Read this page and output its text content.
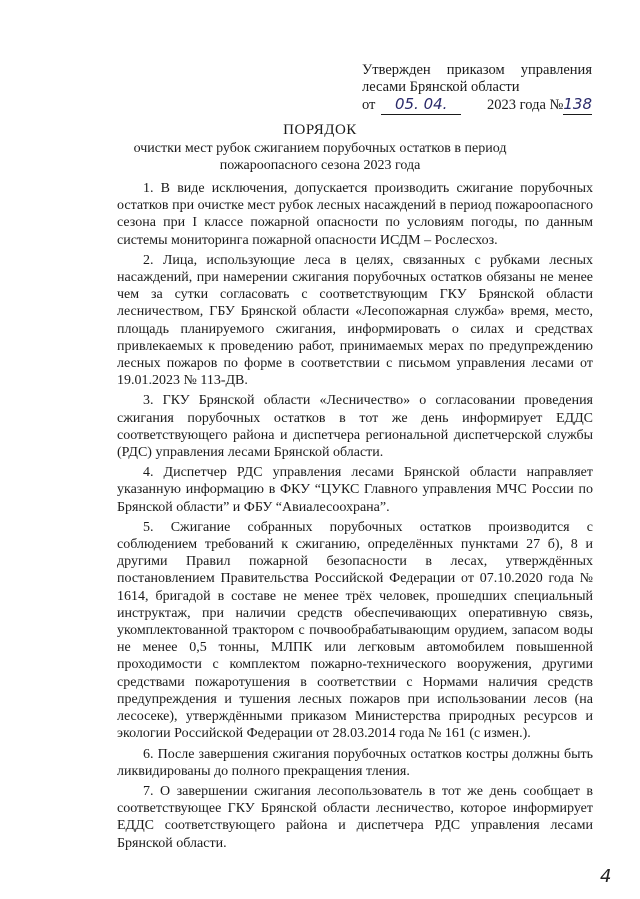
Утвержден приказом управления
лесами Брянской области
от	05. 04.	2023 года № 138
ПОРЯДОК
очистки мест рубок сжиганием порубочных остатков в период
пожароопасного сезона 2023 года

1. В виде исключения, допускается производить сжигание порубочных остатков при очистке мест рубок лесных насаждений в период пожароопасного сезона при I классе пожарной опасности по условиям погоды, по данным системы мониторинга пожарной опасности ИСДМ – Рослесхоз.

2. Лица, использующие леса в целях, связанных с рубками лесных насаждений, при намерении сжигания порубочных остатков обязаны не менее чем за сутки согласовать с соответствующим ГКУ Брянской области лесничеством, ГБУ Брянской области «Лесопожарная служба» время, место, площадь планируемого сжигания, информировать о силах и средствах привлекаемых к проведению работ, принимаемых мерах по предупреждению лесных пожаров по форме в соответствии с письмом управления лесами от 19.01.2023 № 113-ДВ.

3. ГКУ Брянской области «Лесничество» о согласовании проведения сжигания порубочных остатков в тот же день информирует ЕДДС соответствующего района и диспетчера региональной диспетчерской службы (РДС) управления лесами Брянской области.

4. Диспетчер РДС управления лесами Брянской области направляет указанную информацию в ФКУ “ЦУКС Главного управления МЧС России по Брянской области” и ФБУ “Авиалесоохрана”.

5. Сжигание собранных порубочных остатков производится с соблюдением требований к сжиганию, определённых пунктами 27 б), 8 и другими Правил пожарной безопасности в лесах, утверждённых постановлением Правительства Российской Федерации от 07.10.2020 года № 1614, бригадой в составе не менее трёх человек, прошедших специальный инструктаж, при наличии средств обеспечивающих оперативную связь, укомплектованной трактором с почвообрабатывающим орудием, запасом воды не менее 0,5 тонны, МЛПК или легковым автомобилем повышенной проходимости с комплектом пожарно-технического вооружения, другими средствами пожаротушения в соответствии с Нормами наличия средств предупреждения и тушения лесных пожаров при использовании лесов (на лесосеке), утверждёнными приказом Министерства природных ресурсов и экологии Российской Федерации от 28.03.2014 года № 161 (с измен.).

6. После завершения сжигания порубочных остатков костры должны быть ликвидированы до полного прекращения тления.

7. О завершении сжигания лесопользователь в тот же день сообщает в соответствующее ГКУ Брянской области лесничество, которое информирует ЕДДС соответствующего района и диспетчера РДС управления лесами Брянской области.

4
